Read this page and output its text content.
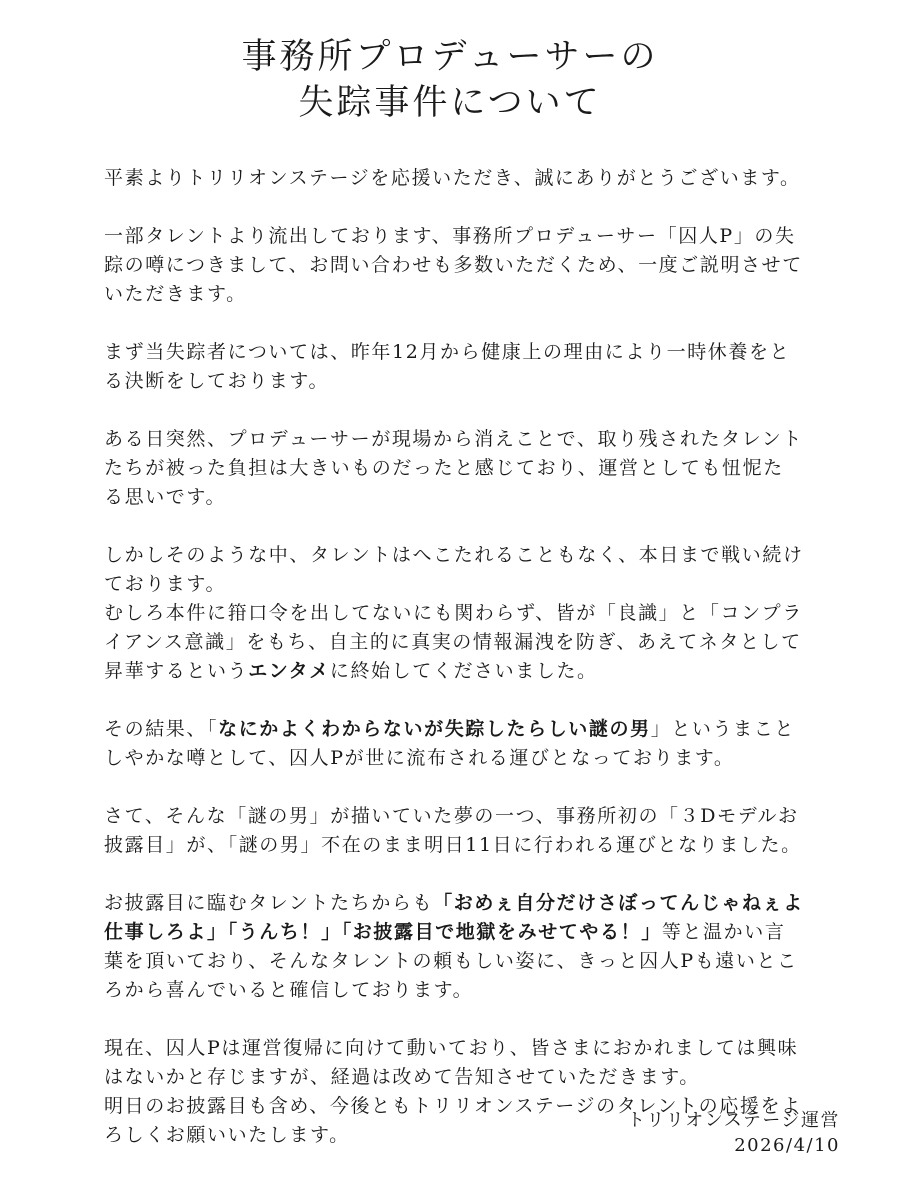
事務所プロデューサーの
失踪事件について

平素よりトリリオンステージを応援いただき、誠にありがとうございます。

一部タレントより流出しております、事務所プロデューサー「囚人P」の失踪の噂につきまして、お問い合わせも多数いただくため、一度ご説明させていただきます。

まず当失踪者については、昨年12月から健康上の理由により一時休養をとる決断をしております。

ある日突然、プロデューサーが現場から消えことで、取り残されたタレントたちが被った負担は大きいものだったと感じており、運営としても忸怩たる思いです。

しかしそのような中、タレントはへこたれることもなく、本日まで戦い続けております。
むしろ本件に箝口令を出してないにも関わらず、皆が「良識」と「コンプライアンス意識」をもち、自主的に真実の情報漏洩を防ぎ、あえてネタとして昇華するというエンタメに終始してくださいました。

その結果、「なにかよくわからないが失踪したらしい謎の男」というまことしやかな噂として、囚人Pが世に流布される運びとなっております。

さて、そんな「謎の男」が描いていた夢の一つ、事務所初の「３Dモデルお披露目」が、「謎の男」不在のまま明日11日に行われる運びとなりました。

お披露目に臨むタレントたちからも「おめぇ自分だけさぼってんじゃねぇよ仕事しろよ」「うんち！」「お披露目で地獄をみせてやる！」等と温かい言葉を頂いており、そんなタレントの頼もしい姿に、きっと囚人Pも遠いところから喜んでいると確信しております。

現在、囚人Pは運営復帰に向けて動いており、皆さまにおかれましては興味はないかと存じますが、経過は改めて告知させていただきます。
明日のお披露目も含め、今後ともトリリオンステージのタレントの応援をよろしくお願いいたします。

トリリオンステージ運営
2026/4/10
